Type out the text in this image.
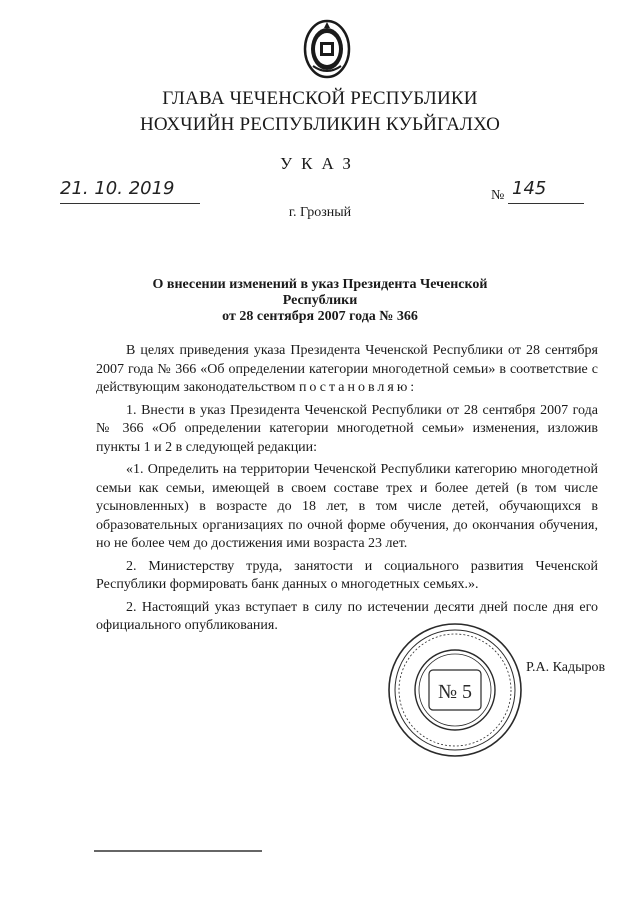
ГЛАВА ЧЕЧЕНСКОЙ РЕСПУБЛИКИ
НОХЧИЙН РЕСПУБЛИКИН КУЬЙГАЛХО
УКАЗ
21. 10. 2019	№ 145
г. Грозный
О внесении изменений в указ Президента Чеченской Республики
от 28 сентября 2007 года № 366

В целях приведения указа Президента Чеченской Республики от 28 сентября 2007 года № 366 «Об определении категории многодетной семьи» в соответствие с действующим законодательством постановляю:

1. Внести в указ Президента Чеченской Республики от 28 сентября 2007 года № 366 «Об определении категории многодетной семьи» изменения, изложив пункты 1 и 2 в следующей редакции:

«1. Определить на территории Чеченской Республики категорию многодетной семьи как семьи, имеющей в своем составе трех и более детей (в том числе усыновленных) в возрасте до 18 лет, в том числе детей, обучающихся в образовательных организациях по очной форме обучения, до окончания обучения, но не более чем до достижения ими возраста 23 лет.

2. Министерству труда, занятости и социального развития Чеченской Республики формировать банк данных о многодетных семьях.».

2. Настоящий указ вступает в силу по истечении десяти дней после дня его официального опубликования.

№ 5
Р.А. Кадыров
